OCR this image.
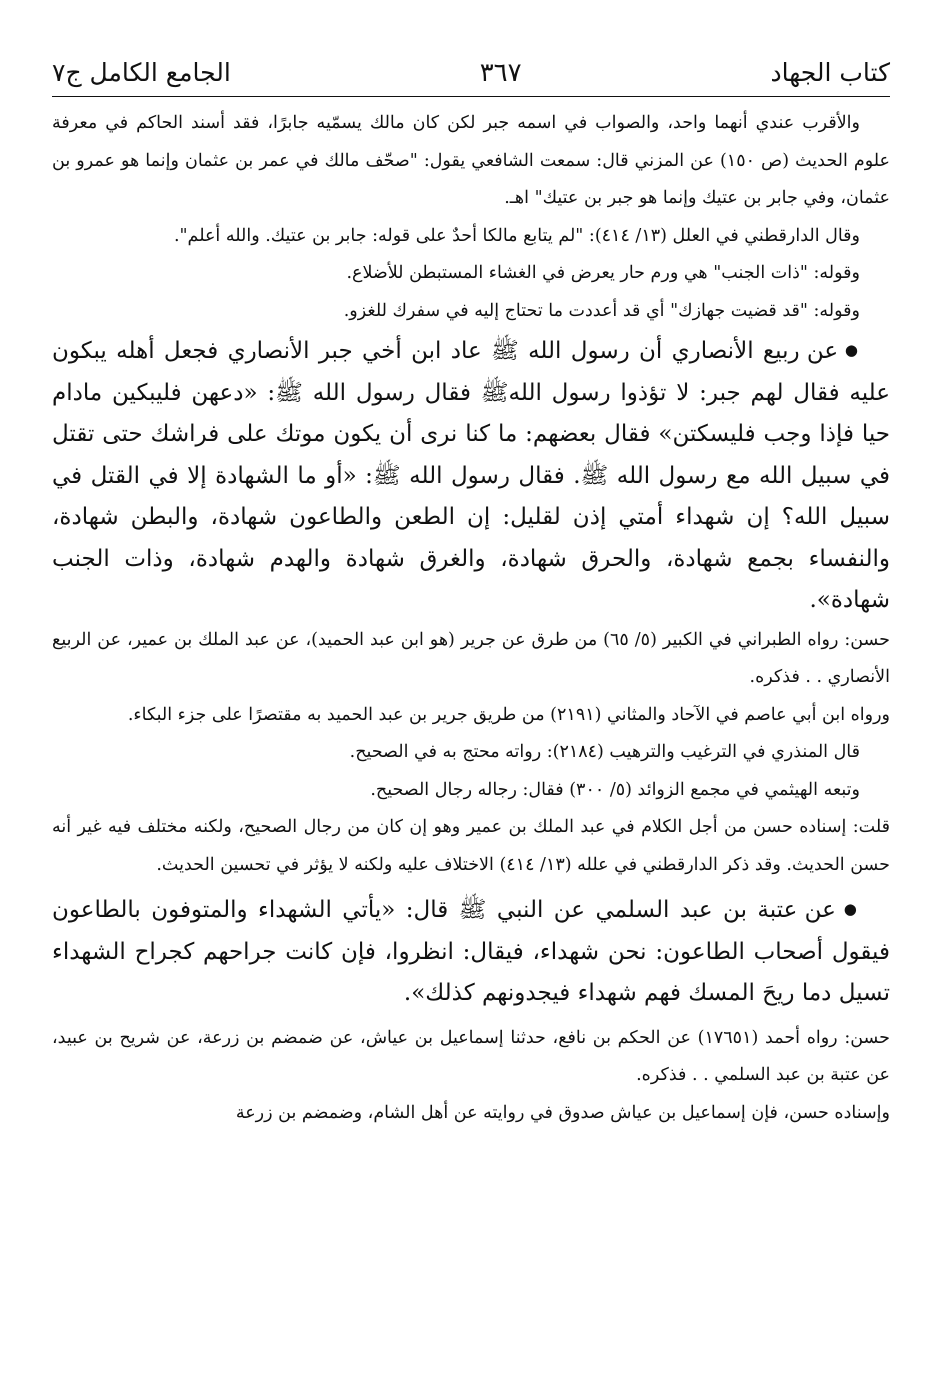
كتاب الجهاد
٣٦٧
الجامع الكامل ج٧

والأقرب عندي أنهما واحد، والصواب في اسمه جبر لكن كان مالك يسمّيه جابرًا، فقد أسند الحاكم في معرفة علوم الحديث (ص ١٥٠) عن المزني قال: سمعت الشافعي يقول: "صحّف مالك في عمر بن عثمان وإنما هو عمرو بن عثمان، وفي جابر بن عتيك وإنما هو جبر بن عتيك" اهـ.

وقال الدارقطني في العلل (١٣/ ٤١٤): "لم يتابع مالكا أحدٌ على قوله: جابر بن عتيك. والله أعلم".

وقوله: "ذات الجنب" هي ورم حار يعرض في الغشاء المستبطن للأضلاع.

وقوله: "قد قضيت جهازك" أي قد أعددت ما تحتاج إليه في سفرك للغزو.

● عن ربيع الأنصاري أن رسول الله ﷺ عاد ابن أخي جبر الأنصاري فجعل أهله يبكون عليه فقال لهم جبر: لا تؤذوا رسول اللهﷺ فقال رسول الله ﷺ: «دعهن فليبكين مادام حيا فإذا وجب فليسكتن» فقال بعضهم: ما كنا نرى أن يكون موتك على فراشك حتى تقتل في سبيل الله مع رسول الله ﷺ. فقال رسول الله ﷺ: «أو ما الشهادة إلا في القتل في سبيل الله؟ إن شهداء أمتي إذن لقليل: إن الطعن والطاعون شهادة، والبطن شهادة، والنفساء بجمع شهادة، والحرق شهادة، والغرق شهادة والهدم شهادة، وذات الجنب شهادة».

حسن: رواه الطبراني في الكبير (٥/ ٦٥) من طرق عن جرير (هو ابن عبد الحميد)، عن عبد الملك بن عمير، عن الربيع الأنصاري . . فذكره.

ورواه ابن أبي عاصم في الآحاد والمثاني (٢١٩١) من طريق جرير بن عبد الحميد به مقتصرًا على جزء البكاء.

قال المنذري في الترغيب والترهيب (٢١٨٤): رواته محتج به في الصحيح.

وتبعه الهيثمي في مجمع الزوائد (٥/ ٣٠٠) فقال: رجاله رجال الصحيح.

قلت: إسناده حسن من أجل الكلام في عبد الملك بن عمير وهو إن كان من رجال الصحيح، ولكنه مختلف فيه غير أنه حسن الحديث. وقد ذكر الدارقطني في علله (١٣/ ٤١٤) الاختلاف عليه ولكنه لا يؤثر في تحسين الحديث.

● عن عتبة بن عبد السلمي عن النبي ﷺ قال: «يأتي الشهداء والمتوفون بالطاعون فيقول أصحاب الطاعون: نحن شهداء، فيقال: انظروا، فإن كانت جراحهم كجراح الشهداء تسيل دما ريحَ المسك فهم شهداء فيجدونهم كذلك».

حسن: رواه أحمد (١٧٦٥١) عن الحكم بن نافع، حدثنا إسماعيل بن عياش، عن ضمضم بن زرعة، عن شريح بن عبيد، عن عتبة بن عبد السلمي . . فذكره.

وإسناده حسن، فإن إسماعيل بن عياش صدوق في روايته عن أهل الشام، وضمضم بن زرعة
